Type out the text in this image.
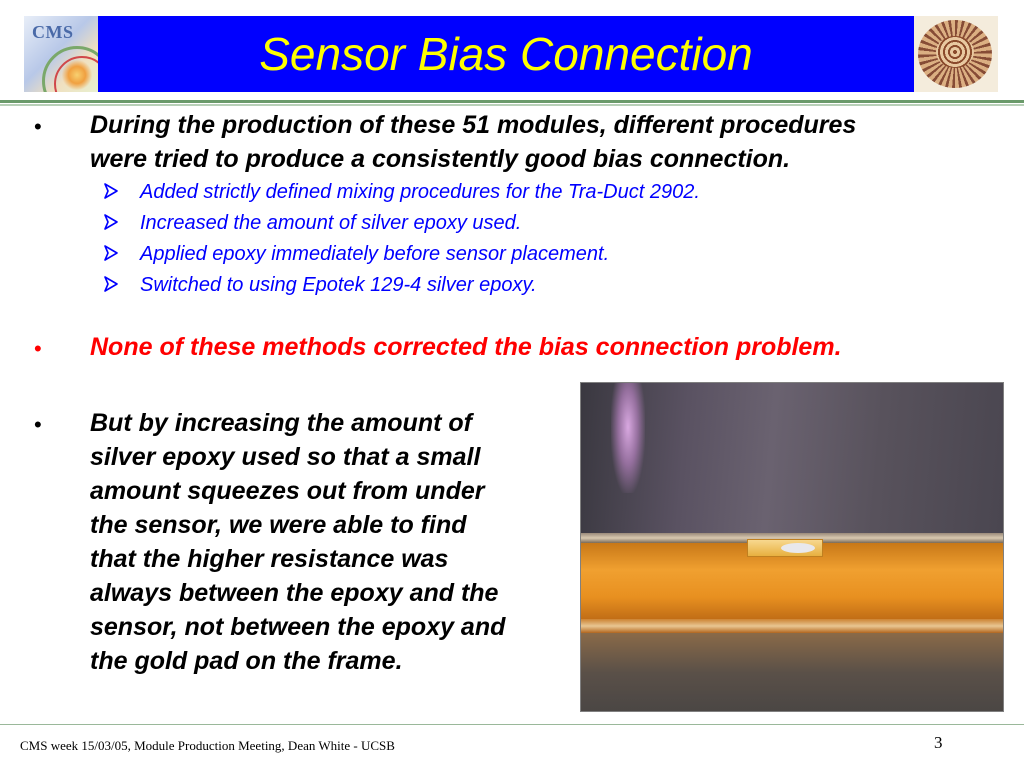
CMS	Sensor Bias Connection
• During the production of these 51 modules, different procedures
were tried to produce a consistently good bias connection.
Added strictly defined mixing procedures for the Tra-Duct 2902.
Increased the amount of silver epoxy used.
Applied epoxy immediately before sensor placement.
Switched to using Epotek 129-4 silver epoxy.
• None of these methods corrected the bias connection problem.
• But by increasing the amount of
silver epoxy used so that a small
amount squeezes out from under
the sensor, we were able to find
that the higher resistance was
always between the epoxy and the
sensor, not between the epoxy and
the gold pad on the frame.
CMS week 15/03/05, Module Production Meeting, Dean White - UCSB	3
